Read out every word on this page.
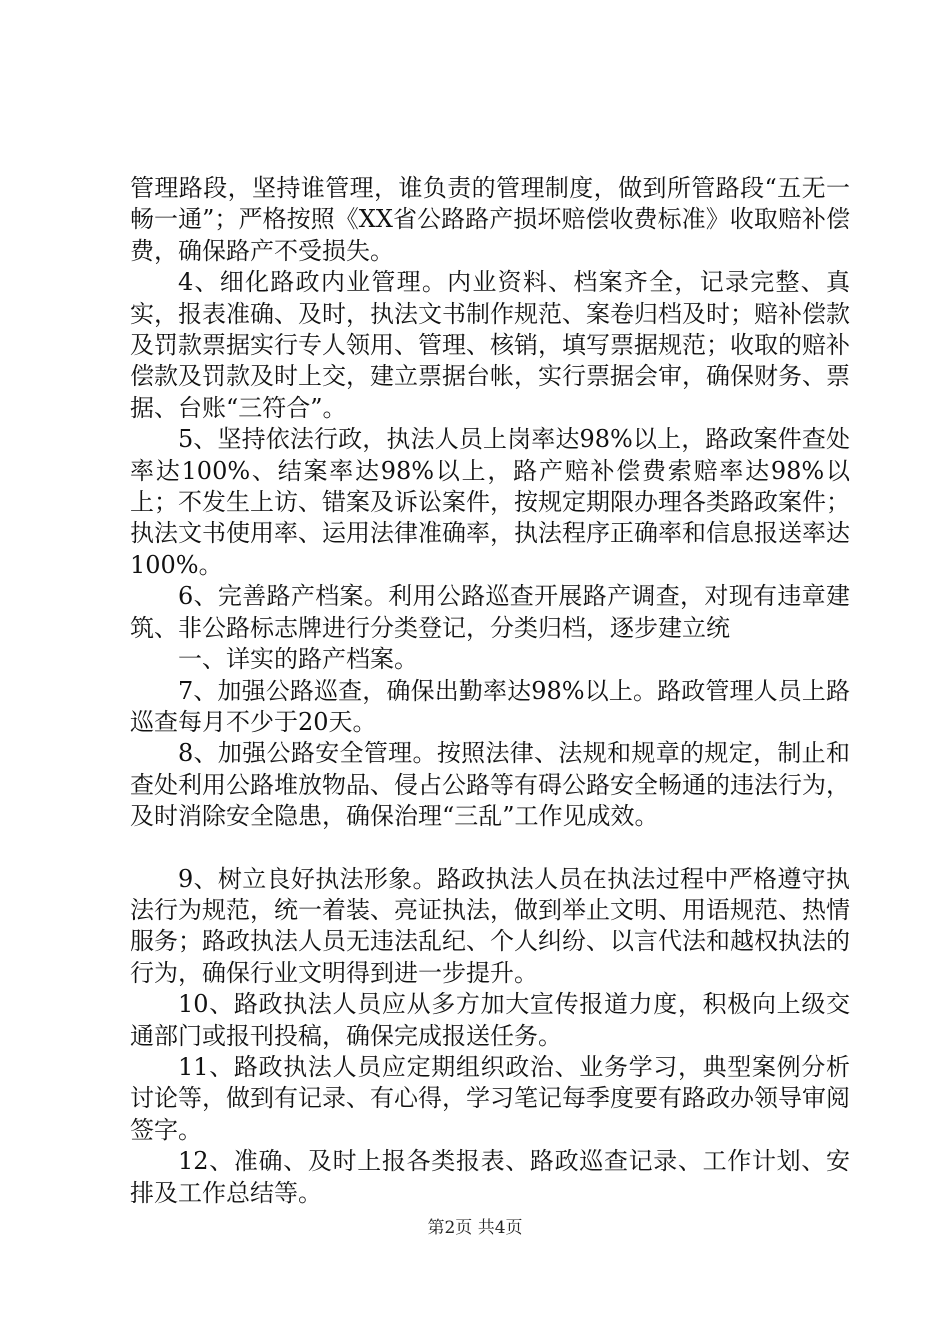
管理路段，坚持谁管理，谁负责的管理制度，做到所管路段“五无一畅一通”；严格按照《XX省公路路产损坏赔偿收费标准》收取赔补偿费，确保路产不受损失。

4、细化路政内业管理。内业资料、档案齐全，记录完整、真实，报表准确、及时，执法文书制作规范、案卷归档及时；赔补偿款及罚款票据实行专人领用、管理、核销，填写票据规范；收取的赔补偿款及罚款及时上交，建立票据台帐，实行票据会审，确保财务、票据、台账“三符合”。

5、坚持依法行政，执法人员上岗率达98%以上，路政案件查处率达100%、结案率达98%以上，路产赔补偿费索赔率达98%以上；不发生上访、错案及诉讼案件，按规定期限办理各类路政案件；执法文书使用率、运用法律准确率，执法程序正确率和信息报送率达100%。

6、完善路产档案。利用公路巡查开展路产调查，对现有违章建筑、非公路标志牌进行分类登记，分类归档，逐步建立统

一、详实的路产档案。

7、加强公路巡查，确保出勤率达98%以上。路政管理人员上路巡查每月不少于20天。

8、加强公路安全管理。按照法律、法规和规章的规定，制止和查处利用公路堆放物品、侵占公路等有碍公路安全畅通的违法行为，及时消除安全隐患，确保治理“三乱”工作见成效。

9、树立良好执法形象。路政执法人员在执法过程中严格遵守执法行为规范，统一着装、亮证执法，做到举止文明、用语规范、热情服务；路政执法人员无违法乱纪、个人纠纷、以言代法和越权执法的行为，确保行业文明得到进一步提升。

10、路政执法人员应从多方加大宣传报道力度，积极向上级交通部门或报刊投稿，确保完成报送任务。

11、路政执法人员应定期组织政治、业务学习，典型案例分析讨论等，做到有记录、有心得，学习笔记每季度要有路政办领导审阅签字。

12、准确、及时上报各类报表、路政巡查记录、工作计划、安排及工作总结等。

第2页 共4页
